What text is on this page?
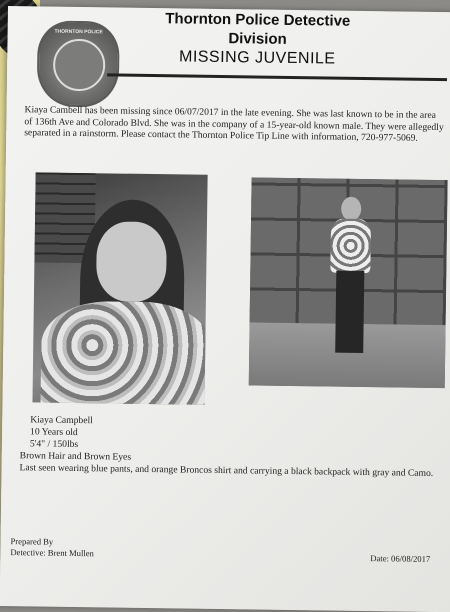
THORNTON POLICE
Thornton Police Detective
Division
MISSING JUVENILE
Kiaya Cambell has been missing since 06/07/2017 in the late evening. She was last known to be in the area of 136th Ave and Colorado Blvd. She was in the company of a 15-year-old known male. They were allegedly separated in a rainstorm. Please contact the Thornton Police Tip Line with information, 720-977-5069.
Kiaya Campbell
10 Years old
5'4" / 150lbs
Brown Hair and Brown Eyes
Last seen wearing blue pants, and orange Broncos shirt and carrying a black backpack with gray and Camo.
Prepared By
Detective: Brent Mullen
Date: 06/08/2017
